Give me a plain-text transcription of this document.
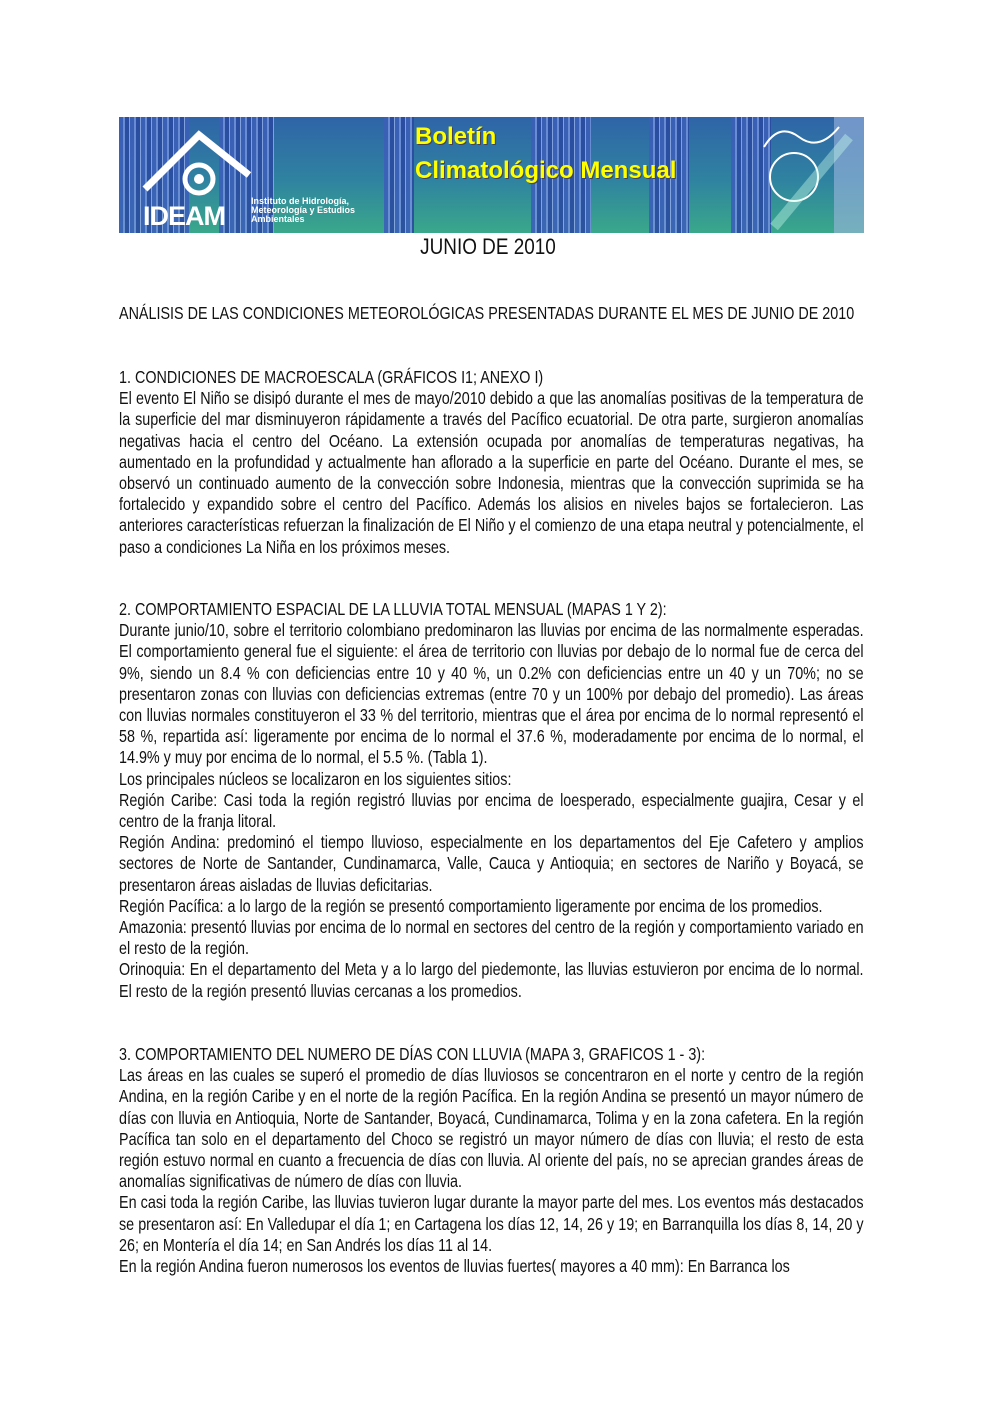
IDEAM	Instituto de Hidrología, Meteorología y Estudios Ambientales
Boletín
Climatológico Mensual
JUNIO DE 2010
ANÁLISIS DE LAS CONDICIONES METEOROLÓGICAS PRESENTADAS DURANTE EL MES DE JUNIO DE 2010

1. CONDICIONES DE MACROESCALA (GRÁFICOS I1; ANEXO I)

El evento El Niño se disipó durante el mes de mayo/2010 debido a que las anomalías positivas de la temperatura de la superficie del mar disminuyeron rápidamente a través del Pacífico ecuatorial. De otra parte, surgieron anomalías negativas hacia el centro del Océano. La extensión ocupada por anomalías de temperaturas negativas, ha aumentado en la profundidad y actualmente han aflorado a la superficie en parte del Océano. Durante el mes, se observó un continuado aumento de la convección sobre Indonesia, mientras que la convección suprimida se ha fortalecido y expandido sobre el centro del Pacífico. Además los alisios en niveles bajos se fortalecieron. Las anteriores características refuerzan la finalización de El Niño y el comienzo de una etapa neutral y potencialmente, el paso a condiciones La Niña en los próximos meses.

2. COMPORTAMIENTO ESPACIAL DE LA LLUVIA TOTAL MENSUAL (MAPAS 1 Y 2):

Durante junio/10, sobre el territorio colombiano predominaron las lluvias por encima de las normalmente esperadas. El comportamiento general fue el siguiente: el área de territorio con lluvias por debajo de lo normal fue de cerca del 9%, siendo un 8.4 % con deficiencias entre 10 y 40 %, un 0.2% con deficiencias entre un 40 y un 70%; no se presentaron zonas con lluvias con deficiencias extremas (entre 70 y un 100% por debajo del promedio). Las áreas con lluvias normales constituyeron el 33 % del territorio, mientras que el área por encima de lo normal representó el 58 %, repartida así: ligeramente por encima de lo normal el 37.6 %, moderadamente por encima de lo normal, el 14.9% y muy por encima de lo normal, el 5.5 %. (Tabla 1).

Los principales núcleos se localizaron en los siguientes sitios:

Región Caribe: Casi toda la región registró lluvias por encima de loesperado, especialmente guajira, Cesar y el centro de la franja litoral.

Región Andina: predominó el tiempo lluvioso, especialmente en los departamentos del Eje Cafetero y amplios sectores de Norte de Santander, Cundinamarca, Valle, Cauca y Antioquia; en sectores de Nariño y Boyacá, se presentaron áreas aisladas de lluvias deficitarias.

Región Pacífica: a lo largo de la región se presentó comportamiento ligeramente por encima de los promedios.

Amazonia: presentó lluvias por encima de lo normal en sectores del centro de la región y comportamiento variado en el resto de la región.

Orinoquia: En el departamento del Meta y a lo largo del piedemonte, las lluvias estuvieron por encima de lo normal. El resto de la región presentó lluvias cercanas a los promedios.

3. COMPORTAMIENTO DEL NUMERO DE DÍAS CON LLUVIA (MAPA 3, GRAFICOS 1 - 3):

Las áreas en las cuales se superó el promedio de días lluviosos se concentraron en el norte y centro de la región Andina, en la región Caribe y en el norte de la región Pacífica. En la región Andina se presentó un mayor número de días con lluvia en Antioquia, Norte de Santander, Boyacá, Cundinamarca, Tolima y en la zona cafetera. En la región Pacífica tan solo en el departamento del Choco se registró un mayor número de días con lluvia; el resto de esta región estuvo normal en cuanto a frecuencia de días con lluvia. Al oriente del país, no se aprecian grandes áreas de anomalías significativas de número de días con lluvia.

En casi toda la región Caribe, las lluvias tuvieron lugar durante la mayor parte del mes. Los eventos más destacados se presentaron así: En Valledupar el día 1; en Cartagena los días 12, 14, 26 y 19; en Barranquilla los días 8, 14, 20 y 26; en Montería el día 14; en San Andrés los días 11 al 14.

En la región Andina fueron numerosos los eventos de lluvias fuertes( mayores a 40 mm): En Barranca los
